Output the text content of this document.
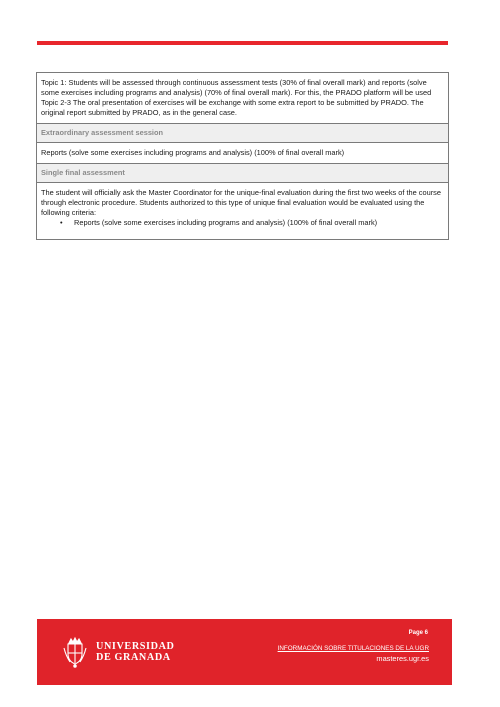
Topic 1: Students will be assessed through continuous assessment tests (30% of final overall mark) and reports (solve some exercises including programs and analysis) (70% of final overall mark). For this, the PRADO platform will be used
Topic 2-3 The oral presentation of exercises will be exchange with some extra report to be submitted by PRADO. The original report submitted by PRADO, as in the general case.
Extraordinary assessment session
Reports (solve some exercises including programs and analysis) (100% of final overall mark)
Single final assessment
The student will officially ask the Master Coordinator for the unique-final evaluation during the first two weeks of the course through electronic procedure. Students authorized to this type of unique final evaluation would be evaluated using the following criteria:
• Reports (solve some exercises including programs and analysis) (100% of final overall mark)
UNIVERSIDAD
DE GRANADA
Page 6
INFORMACIÓN SOBRE TITULACIONES DE LA UGR
masteres.ugr.es
